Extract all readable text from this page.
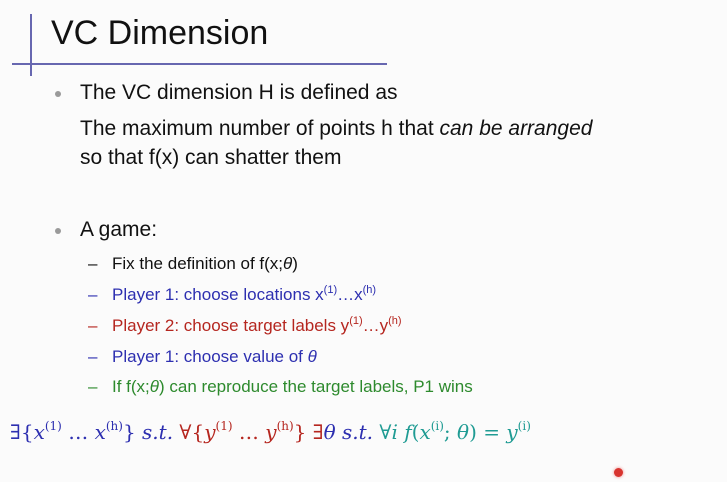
VC Dimension
The VC dimension H is defined as
The maximum number of points h that can be arranged
so that f(x) can shatter them
A game:
– Fix the definition of f(x;θ)
– Player 1: choose locations $x^{(1)}\dots x^{(h)}$
– Player 2: choose target labels $y^{(1)}\dots y^{(h)}$
– Player 1: choose value of θ
– If f(x;θ) can reproduce the target labels, P1 wins
$\exists\{x^{(1)}$ … $x^{(h)}$} s.t. $\forall\{y^{(1)}$ … $y^{(h)}$} ∃θ s.t. ∀i $f(x^{(i)}$; $\theta) = y^{(i)}$
